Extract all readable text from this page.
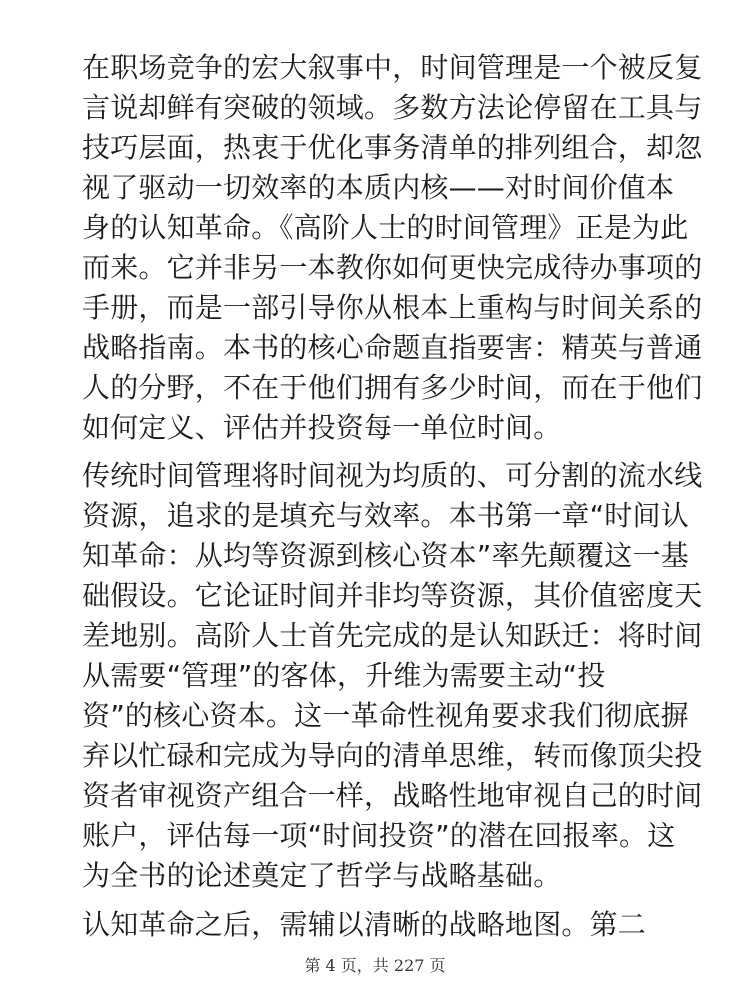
在职场竞争的宏大叙事中，时间管理是一个被反复
言说却鲜有突破的领域。多数方法论停留在工具与
技巧层面，热衷于优化事务清单的排列组合，却忽
视了驱动一切效率的本质内核——对时间价值本
身的认知革命。《高阶人士的时间管理》正是为此
而来。它并非另一本教你如何更快完成待办事项的
手册，而是一部引导你从根本上重构与时间关系的
战略指南。本书的核心命题直指要害：精英与普通
人的分野，不在于他们拥有多少时间，而在于他们
如何定义、评估并投资每一单位时间。
传统时间管理将时间视为均质的、可分割的流水线
资源，追求的是填充与效率。本书第一章“时间认
知革命：从均等资源到核心资本”率先颠覆这一基
础假设。它论证时间并非均等资源，其价值密度天
差地别。高阶人士首先完成的是认知跃迁：将时间
从需要“管理”的客体，升维为需要主动“投
资”的核心资本。这一革命性视角要求我们彻底摒
弃以忙碌和完成为导向的清单思维，转而像顶尖投
资者审视资产组合一样，战略性地审视自己的时间
账户，评估每一项“时间投资”的潜在回报率。这
为全书的论述奠定了哲学与战略基础。
认知革命之后，需辅以清晰的战略地图。第二
第 4 页，共 227 页
